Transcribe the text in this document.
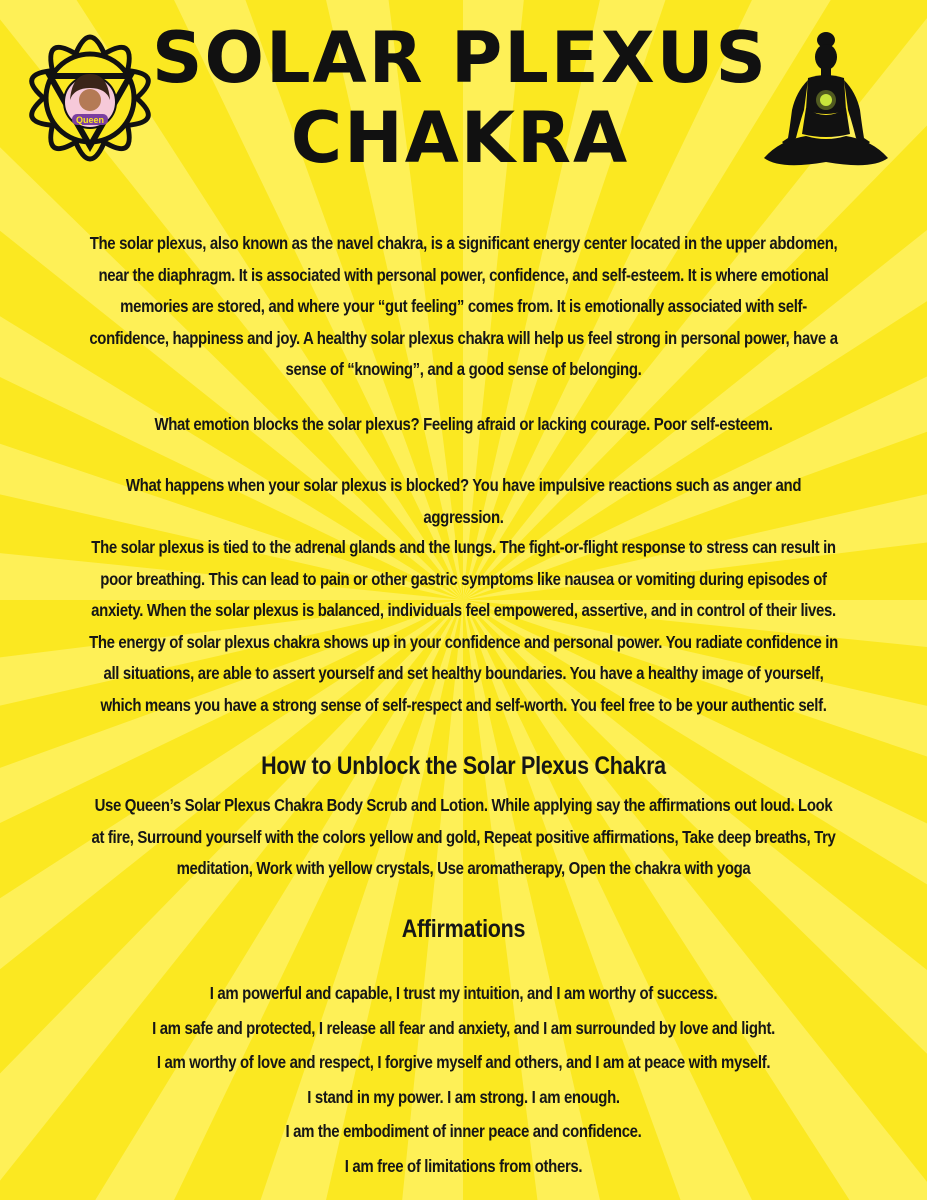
Queen
SOLAR PLEXUS
CHAKRA

The solar plexus, also known as the navel chakra, is a significant energy center located in the upper abdomen, near the diaphragm. It is associated with personal power, confidence, and self-esteem. It is where emotional memories are stored, and where your “gut feeling” comes from. It is emotionally associated with self-confidence, happiness and joy. A healthy solar plexus chakra will help us feel strong in personal power, have a sense of “knowing”, and a good sense of belonging.

What emotion blocks the solar plexus? Feeling afraid or lacking courage. Poor self-esteem.

What happens when your solar plexus is blocked? You have impulsive reactions such as anger and aggression.

The solar plexus is tied to the adrenal glands and the lungs. The fight-or-flight response to stress can result in poor breathing. This can lead to pain or other gastric symptoms like nausea or vomiting during episodes of anxiety. When the solar plexus is balanced, individuals feel empowered, assertive, and in control of their lives. The energy of solar plexus chakra shows up in your confidence and personal power. You radiate confidence in all situations, are able to assert yourself and set healthy boundaries. You have a healthy image of yourself, which means you have a strong sense of self-respect and self-worth. You feel free to be your authentic self.

How to Unblock the Solar Plexus Chakra

Use Queen’s Solar Plexus Chakra Body Scrub and Lotion. While applying say the affirmations out loud. Look at fire, Surround yourself with the colors yellow and gold, Repeat positive affirmations, Take deep breaths, Try meditation, Work with yellow crystals, Use aromatherapy, Open the chakra with yoga

Affirmations
I am powerful and capable, I trust my intuition, and I am worthy of success.
I am safe and protected, I release all fear and anxiety, and I am surrounded by love and light.
I am worthy of love and respect, I forgive myself and others, and I am at peace with myself.
I stand in my power. I am strong. I am enough.
I am the embodiment of inner peace and confidence.
I am free of limitations from others.
